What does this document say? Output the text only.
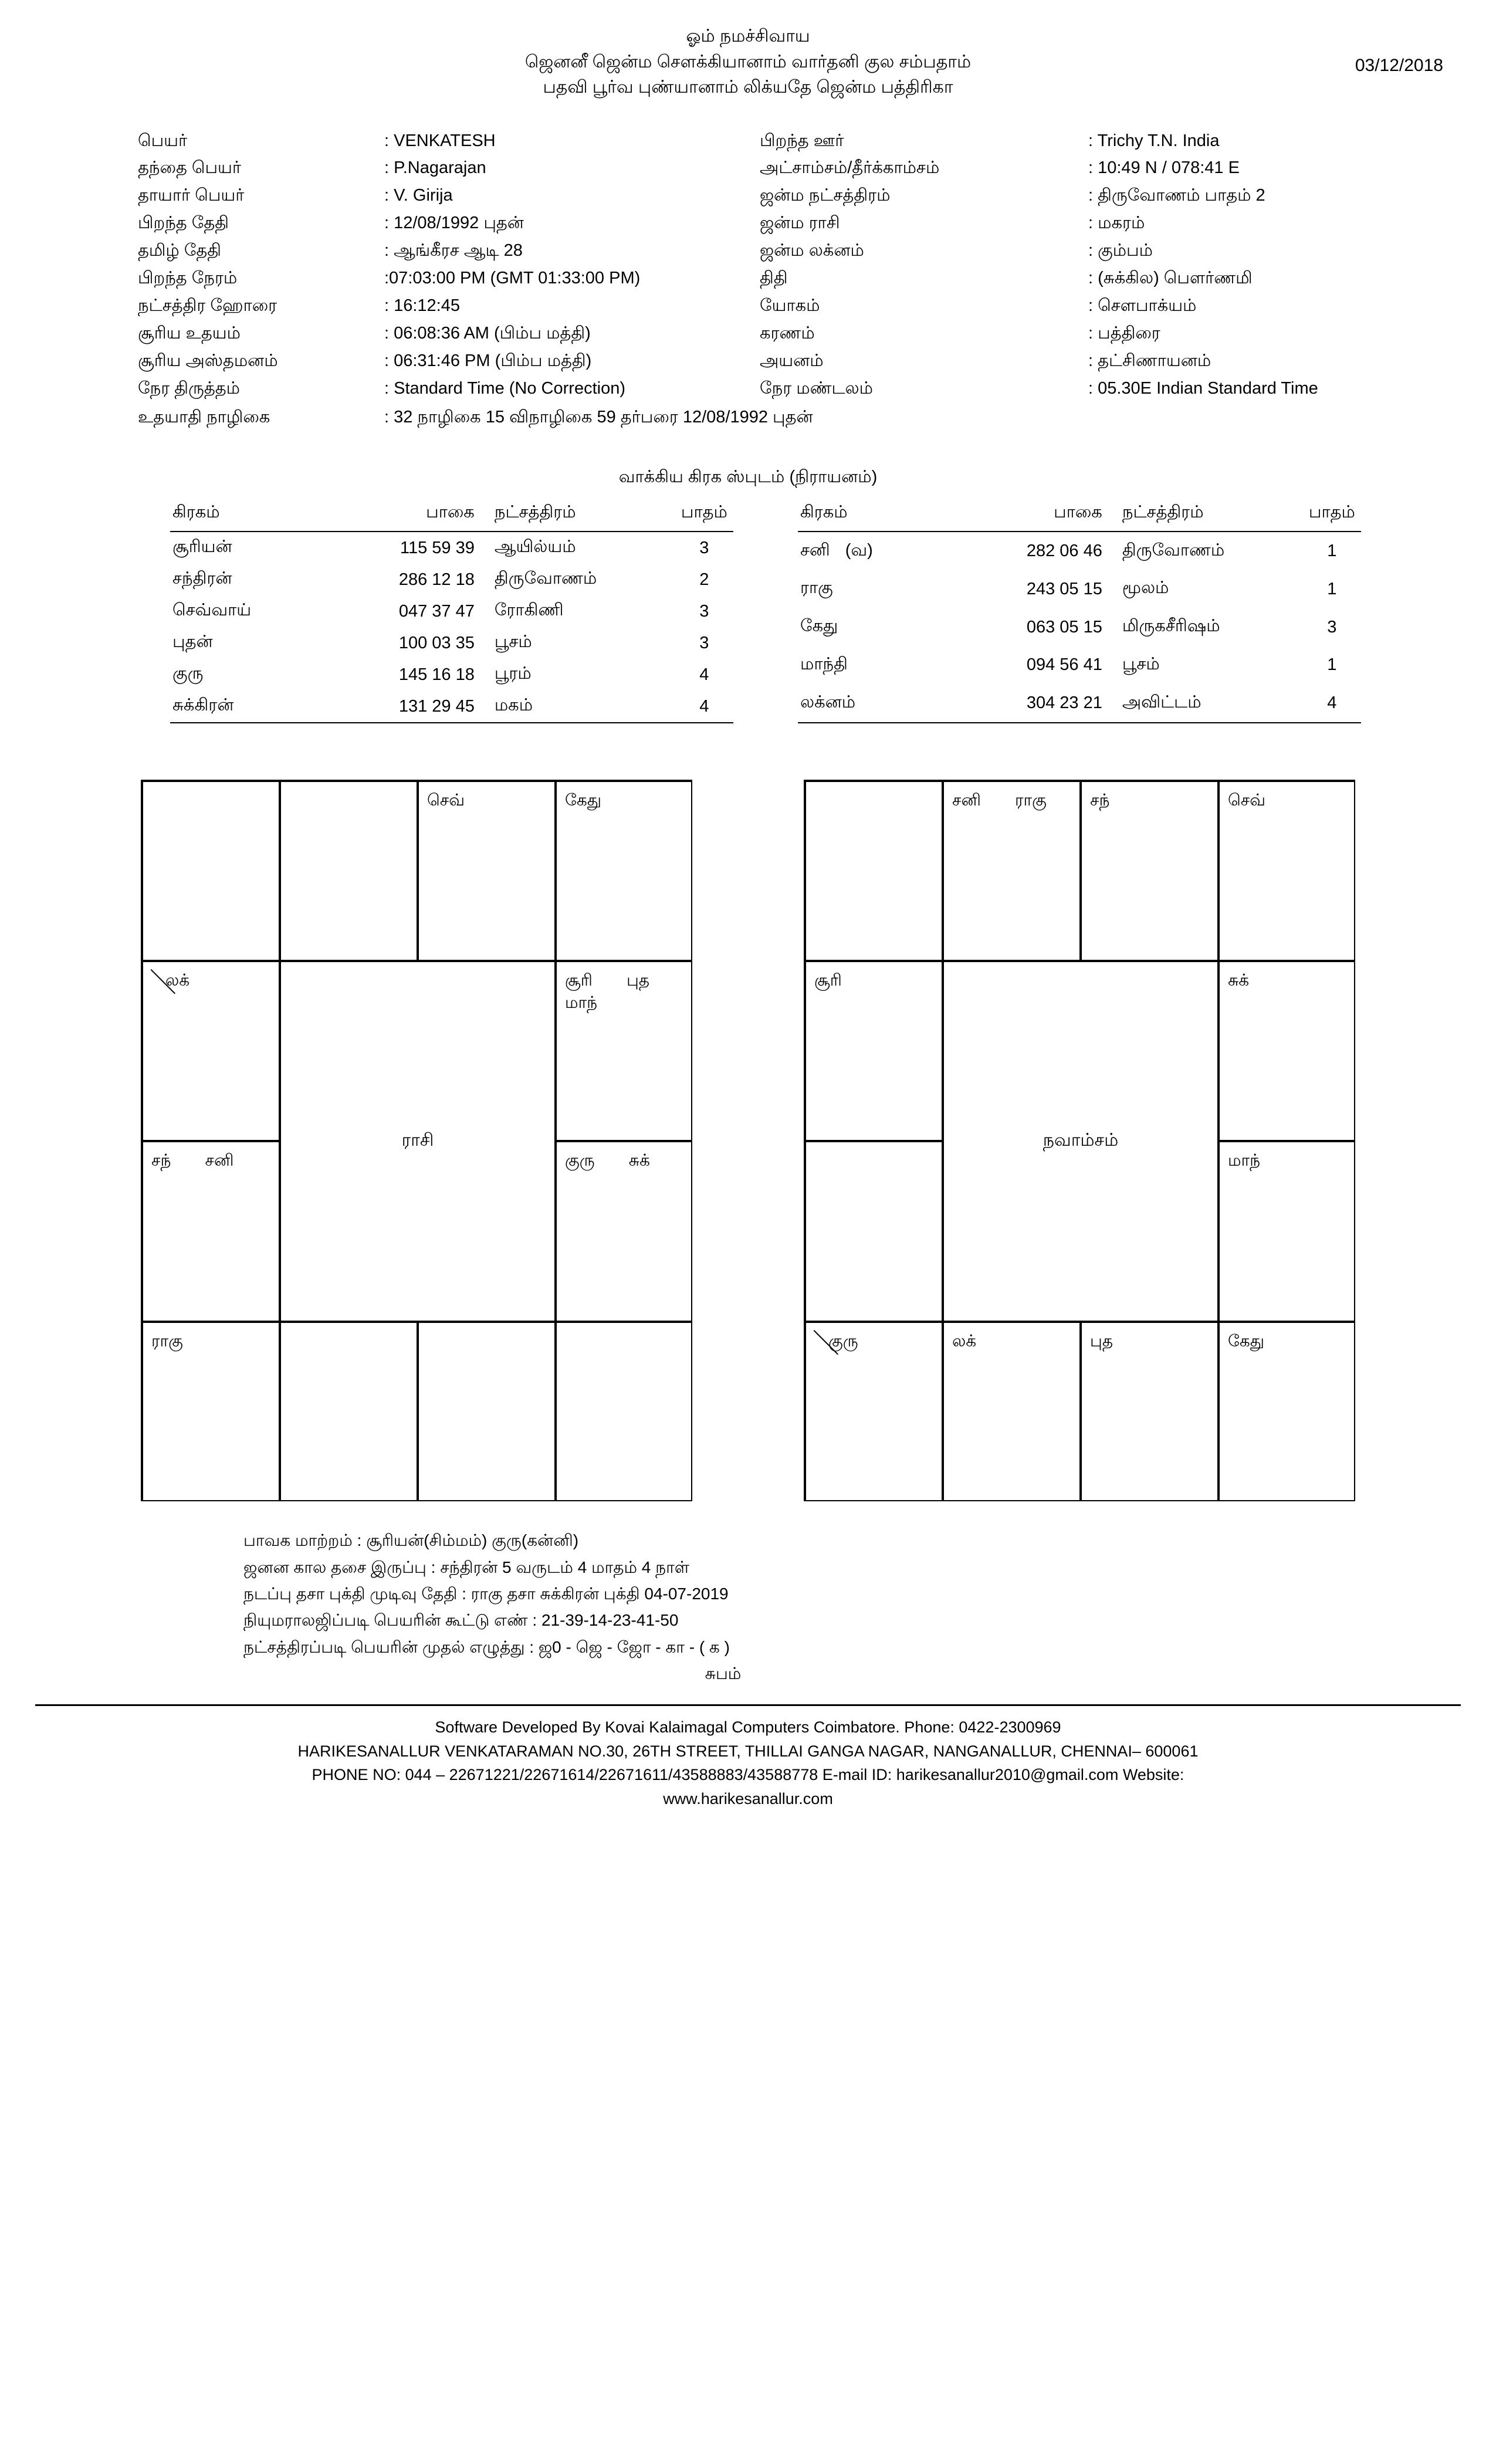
ஓம் நமச்சிவாய
ஜெனனீ ஜென்ம சௌக்கியானாம் வார்தனி குல சம்பதாம்
பதவி பூர்வ புண்யானாம் லிக்யதே ஜென்ம பத்திரிகா
03/12/2018
பெயர்	: VENKATESH	பிறந்த ஊர்	: Trichy T.N. India
தந்தை பெயர்	: P.Nagarajan	அட்சாம்சம்/தீர்க்காம்சம்	: 10:49 N / 078:41 E
தாயார் பெயர்	: V. Girija	ஜன்ம நட்சத்திரம்	: திருவோணம் பாதம் 2
பிறந்த தேதி	: 12/08/1992 புதன்	ஜன்ம ராசி	: மகரம்
தமிழ் தேதி	: ஆங்கீரச ஆடி 28	ஜன்ம லக்னம்	: கும்பம்
பிறந்த நேரம்	:07:03:00 PM (GMT 01:33:00 PM)	திதி	: (சுக்கில) பௌர்ணமி
நட்சத்திர ஹோரை	: 16:12:45	யோகம்	: சௌபாக்யம்
சூரிய உதயம்	: 06:08:36 AM (பிம்ப மத்தி)	கரணம்	: பத்திரை
சூரிய அஸ்தமனம்	: 06:31:46 PM (பிம்ப மத்தி)	அயனம்	: தட்சிணாயனம்
நேர திருத்தம்	: Standard Time (No Correction)	நேர மண்டலம்	: 05.30E Indian Standard Time
உதயாதி நாழிகை	: 32 நாழிகை 15 விநாழிகை 59 தர்பரை 12/08/1992 புதன்
வாக்கிய கிரக ஸ்புடம் (நிராயனம்)
கிரகம்	பாகை	நட்சத்திரம்	பாதம்
சூரியன்	115 59 39	ஆயில்யம்	3
சந்திரன்	286 12 18	திருவோணம்	2
செவ்வாய்	047 37 47	ரோகிணி	3
புதன்	100 03 35	பூசம்	3
குரு	145 16 18	பூரம்	4
சுக்கிரன்	131 29 45	மகம்	4
கிரகம்	பாகை	நட்சத்திரம்	பாதம்
சனி (வ)	282 06 46	திருவோணம்	1
ராகு	243 05 15	மூலம்	1
கேது	063 05 15	மிருகசீரிஷம்	3
மாந்தி	094 56 41	பூசம்	1
லக்னம்	304 23 21	அவிட்டம்	4
செவ்	கேது
லக்	சூரி புத
மாந்
சந் சனி	குரு சுக்
ராகு
ராசி
சனி ராகு	சந்	செவ்
சூரி	சுக்
மாந்
குரு	லக்	புத	கேது
நவாம்சம்
பாவக மாற்றம் : சூரியன்(சிம்மம்) குரு(கன்னி)
ஜனன கால தசை இருப்பு : சந்திரன் 5 வருடம் 4 மாதம் 4 நாள்
நடப்பு தசா புக்தி முடிவு தேதி : ராகு தசா சுக்கிரன் புக்தி 04-07-2019
நியுமராலஜிப்படி பெயரின் கூட்டு எண் : 21-39-14-23-41-50
நட்சத்திரப்படி பெயரின் முதல் எழுத்து : ஜ0 - ஜெ - ஜோ - கா - ( க )
சுபம்
Software Developed By Kovai Kalaimagal Computers Coimbatore. Phone: 0422-2300969
HARIKESANALLUR VENKATARAMAN NO.30, 26TH STREET, THILLAI GANGA NAGAR, NANGANALLUR, CHENNAI– 600061
PHONE NO: 044 – 22671221/22671614/22671611/43588883/43588778 E-mail ID: harikesanallur2010@gmail.com Website:
www.harikesanallur.com
